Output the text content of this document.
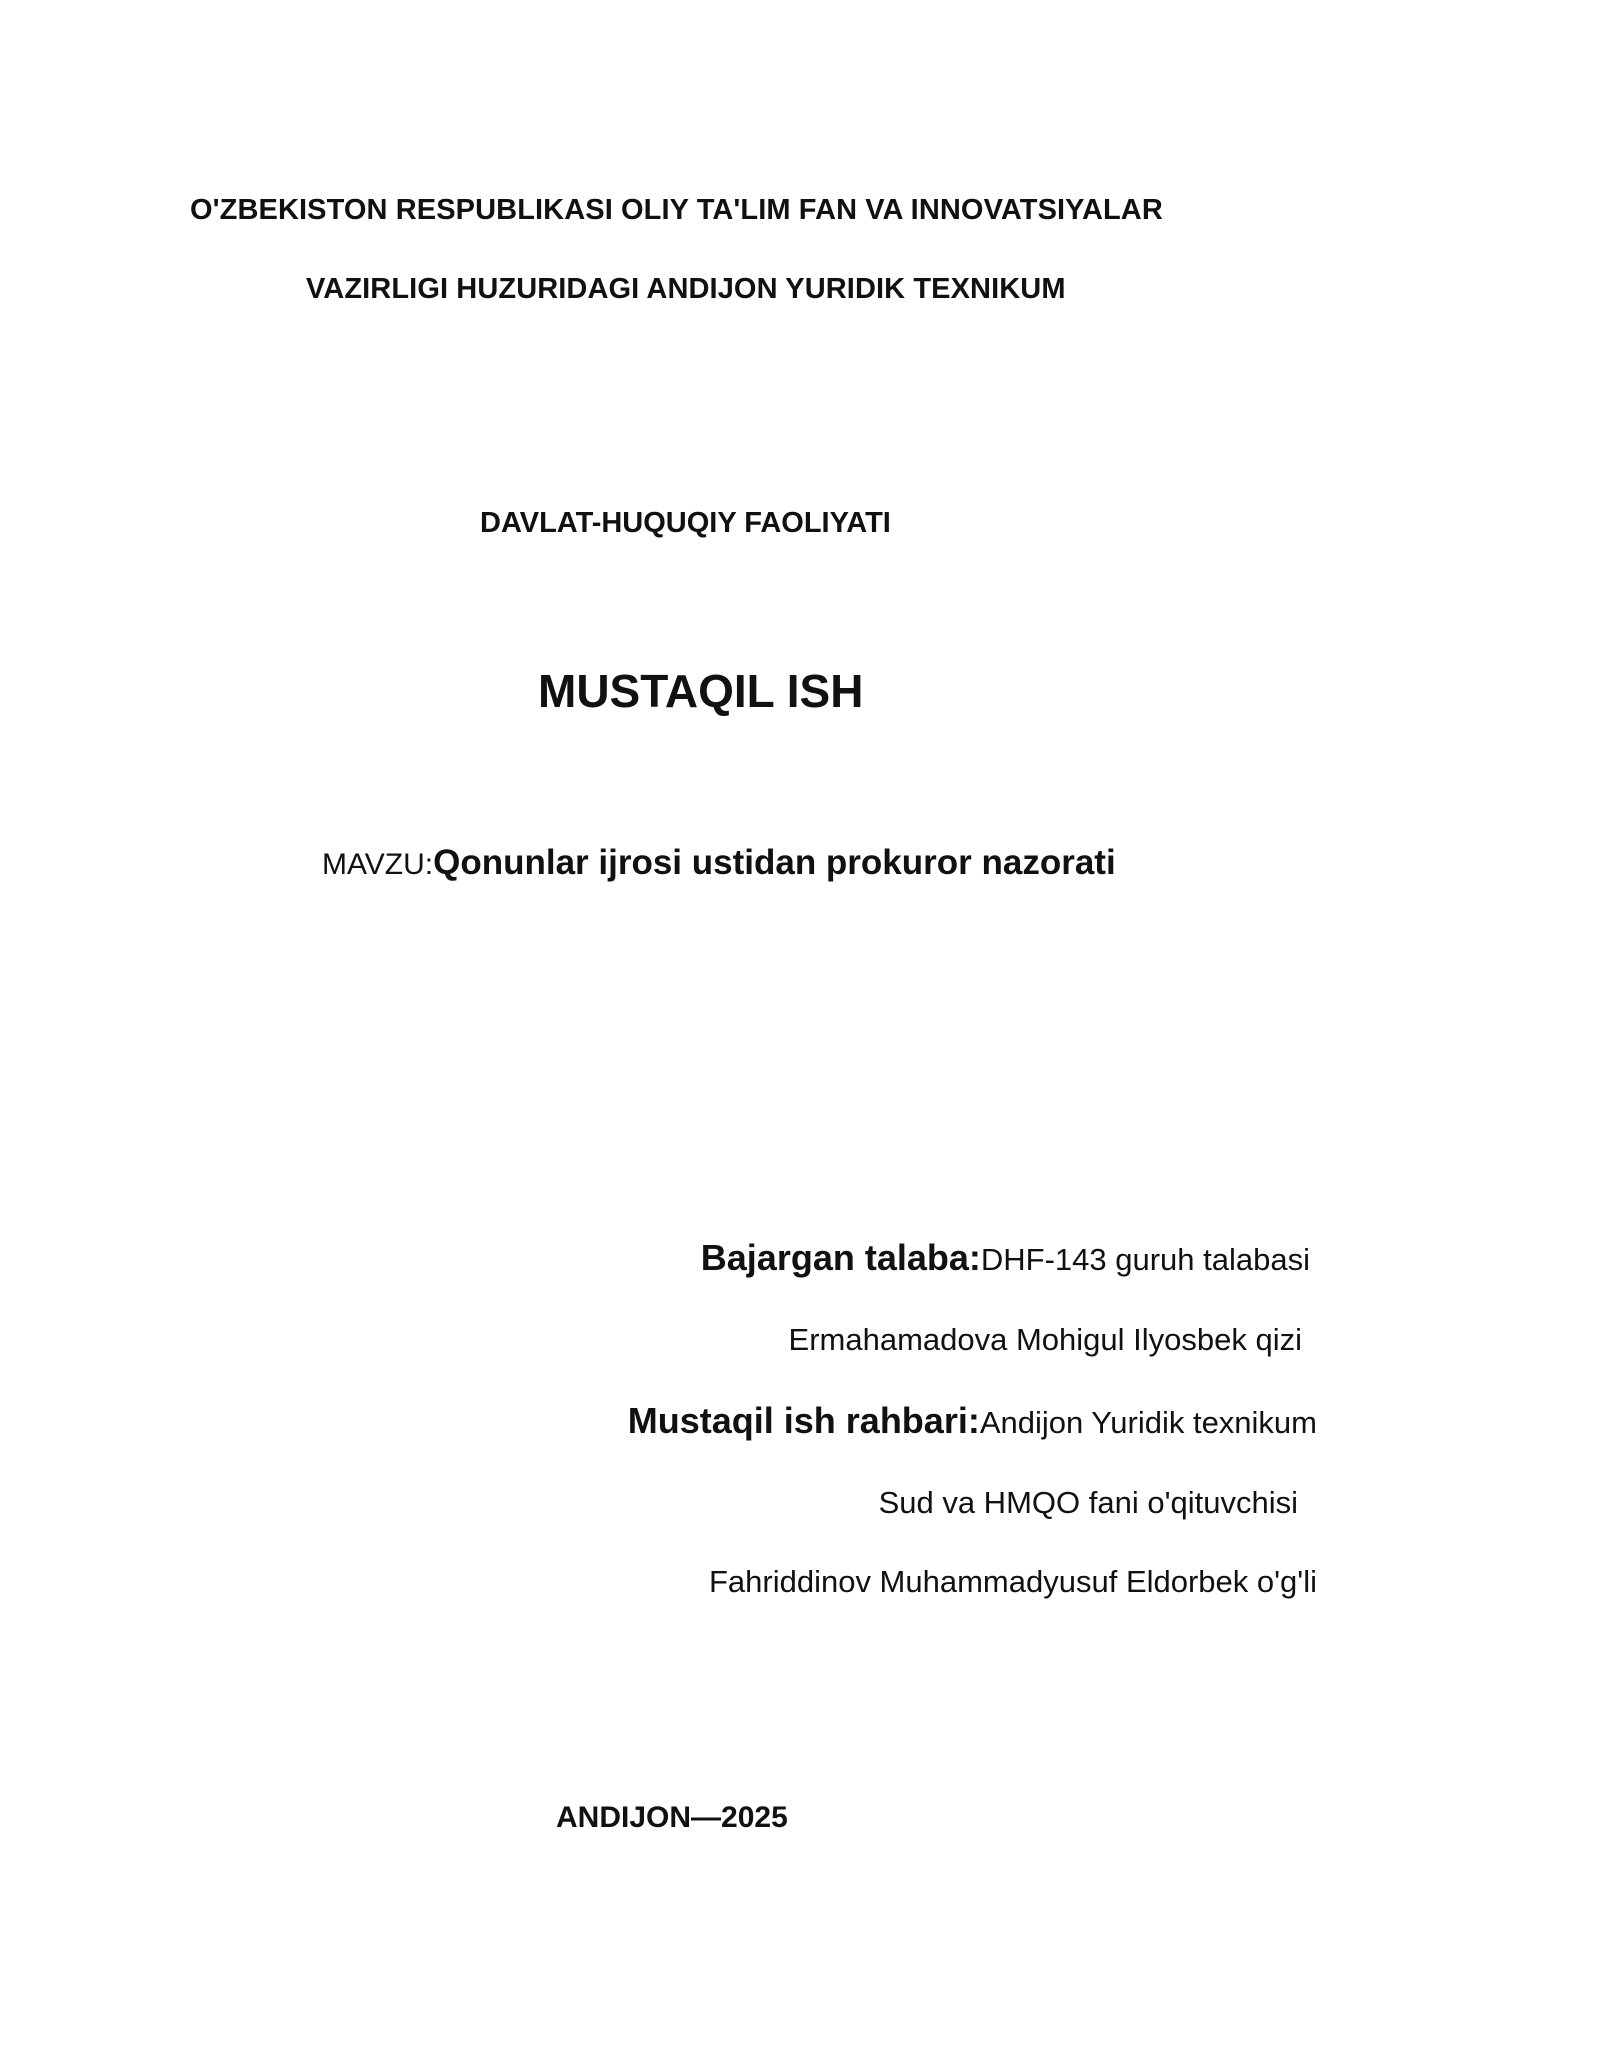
O'ZBEKISTON RESPUBLIKASI OLIY TA'LIM FAN VA INNOVATSIYALAR
VAZIRLIGI HUZURIDAGI ANDIJON YURIDIK TEXNIKUM
DAVLAT-HUQUQIY FAOLIYATI
MUSTAQIL ISH
MAVZU:Qonunlar ijrosi ustidan prokuror nazorati
Bajargan talaba:DHF-143 guruh talabasi
Ermahamadova Mohigul Ilyosbek qizi
Mustaqil ish rahbari:Andijon Yuridik texnikum
Sud va HMQO fani o'qituvchisi
Fahriddinov Muhammadyusuf Eldorbek o'g'li
ANDIJON—2025
